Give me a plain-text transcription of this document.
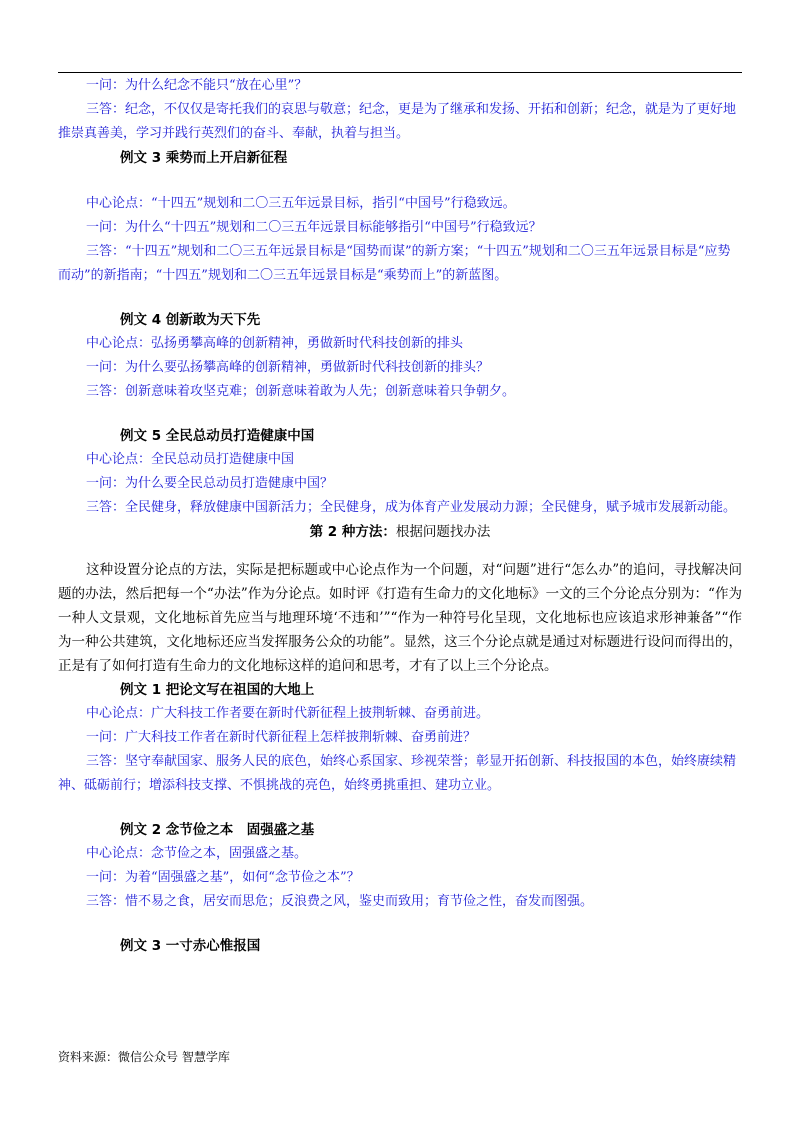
一问：为什么纪念不能只“放在心里”？
三答：纪念，不仅仅是寄托我们的哀思与敬意；纪念，更是为了继承和发扬、开拓和创新；纪念，就是为了更好地推崇真善美，学习并践行英烈们的奋斗、奉献，执着与担当。
例文 3 乘势而上开启新征程
中心论点：“十四五”规划和二〇三五年远景目标，指引“中国号”行稳致远。
一问：为什么“十四五”规划和二〇三五年远景目标能够指引“中国号”行稳致远？
三答：“十四五”规划和二〇三五年远景目标是“国势而谋”的新方案；“十四五”规划和二〇三五年远景目标是“应势而动”的新指南；“十四五”规划和二〇三五年远景目标是“乘势而上”的新蓝图。
例文 4 创新敢为天下先
中心论点：弘扬勇攀高峰的创新精神，勇做新时代科技创新的排头
一问：为什么要弘扬攀高峰的创新精神，勇做新时代科技创新的排头？
三答：创新意味着攻坚克难；创新意味着敢为人先；创新意味着只争朝夕。
例文 5 全民总动员打造健康中国
中心论点：全民总动员打造健康中国
一问：为什么要全民总动员打造健康中国？
三答：全民健身，释放健康中国新活力；全民健身，成为体育产业发展动力源；全民健身，赋予城市发展新动能。
第 2 种方法：根据问题找办法
这种设置分论点的方法，实际是把标题或中心论点作为一个问题，对“问题”进行“怎么办”的追问，寻找解决问题的办法，然后把每一个“办法”作为分论点。如时评《打造有生命力的文化地标》一文的三个分论点分别为：“作为一种人文景观，文化地标首先应当与地理环境‘不违和’”“作为一种符号化呈现，文化地标也应该追求形神兼备”“作为一种公共建筑，文化地标还应当发挥服务公众的功能”。显然，这三个分论点就是通过对标题进行设问而得出的，正是有了如何打造有生命力的文化地标这样的追问和思考，才有了以上三个分论点。
例文 1 把论文写在祖国的大地上
中心论点：广大科技工作者要在新时代新征程上披荆斩棘、奋勇前进。
一问：广大科技工作者在新时代新征程上怎样披荆斩棘、奋勇前进？
三答：坚守奉献国家、服务人民的底色，始终心系国家、珍视荣誉；彰显开拓创新、科技报国的本色，始终赓续精神、砥砺前行；增添科技支撑、不惧挑战的亮色，始终勇挑重担、建功立业。
例文 2 念节俭之本　固强盛之基
中心论点：念节俭之本，固强盛之基。
一问：为着“固强盛之基”，如何“念节俭之本”？
三答：惜不易之食，居安而思危；反浪费之风，鉴史而致用；育节俭之性，奋发而图强。
例文 3 一寸赤心惟报国
资料来源：微信公众号 智慧学库
